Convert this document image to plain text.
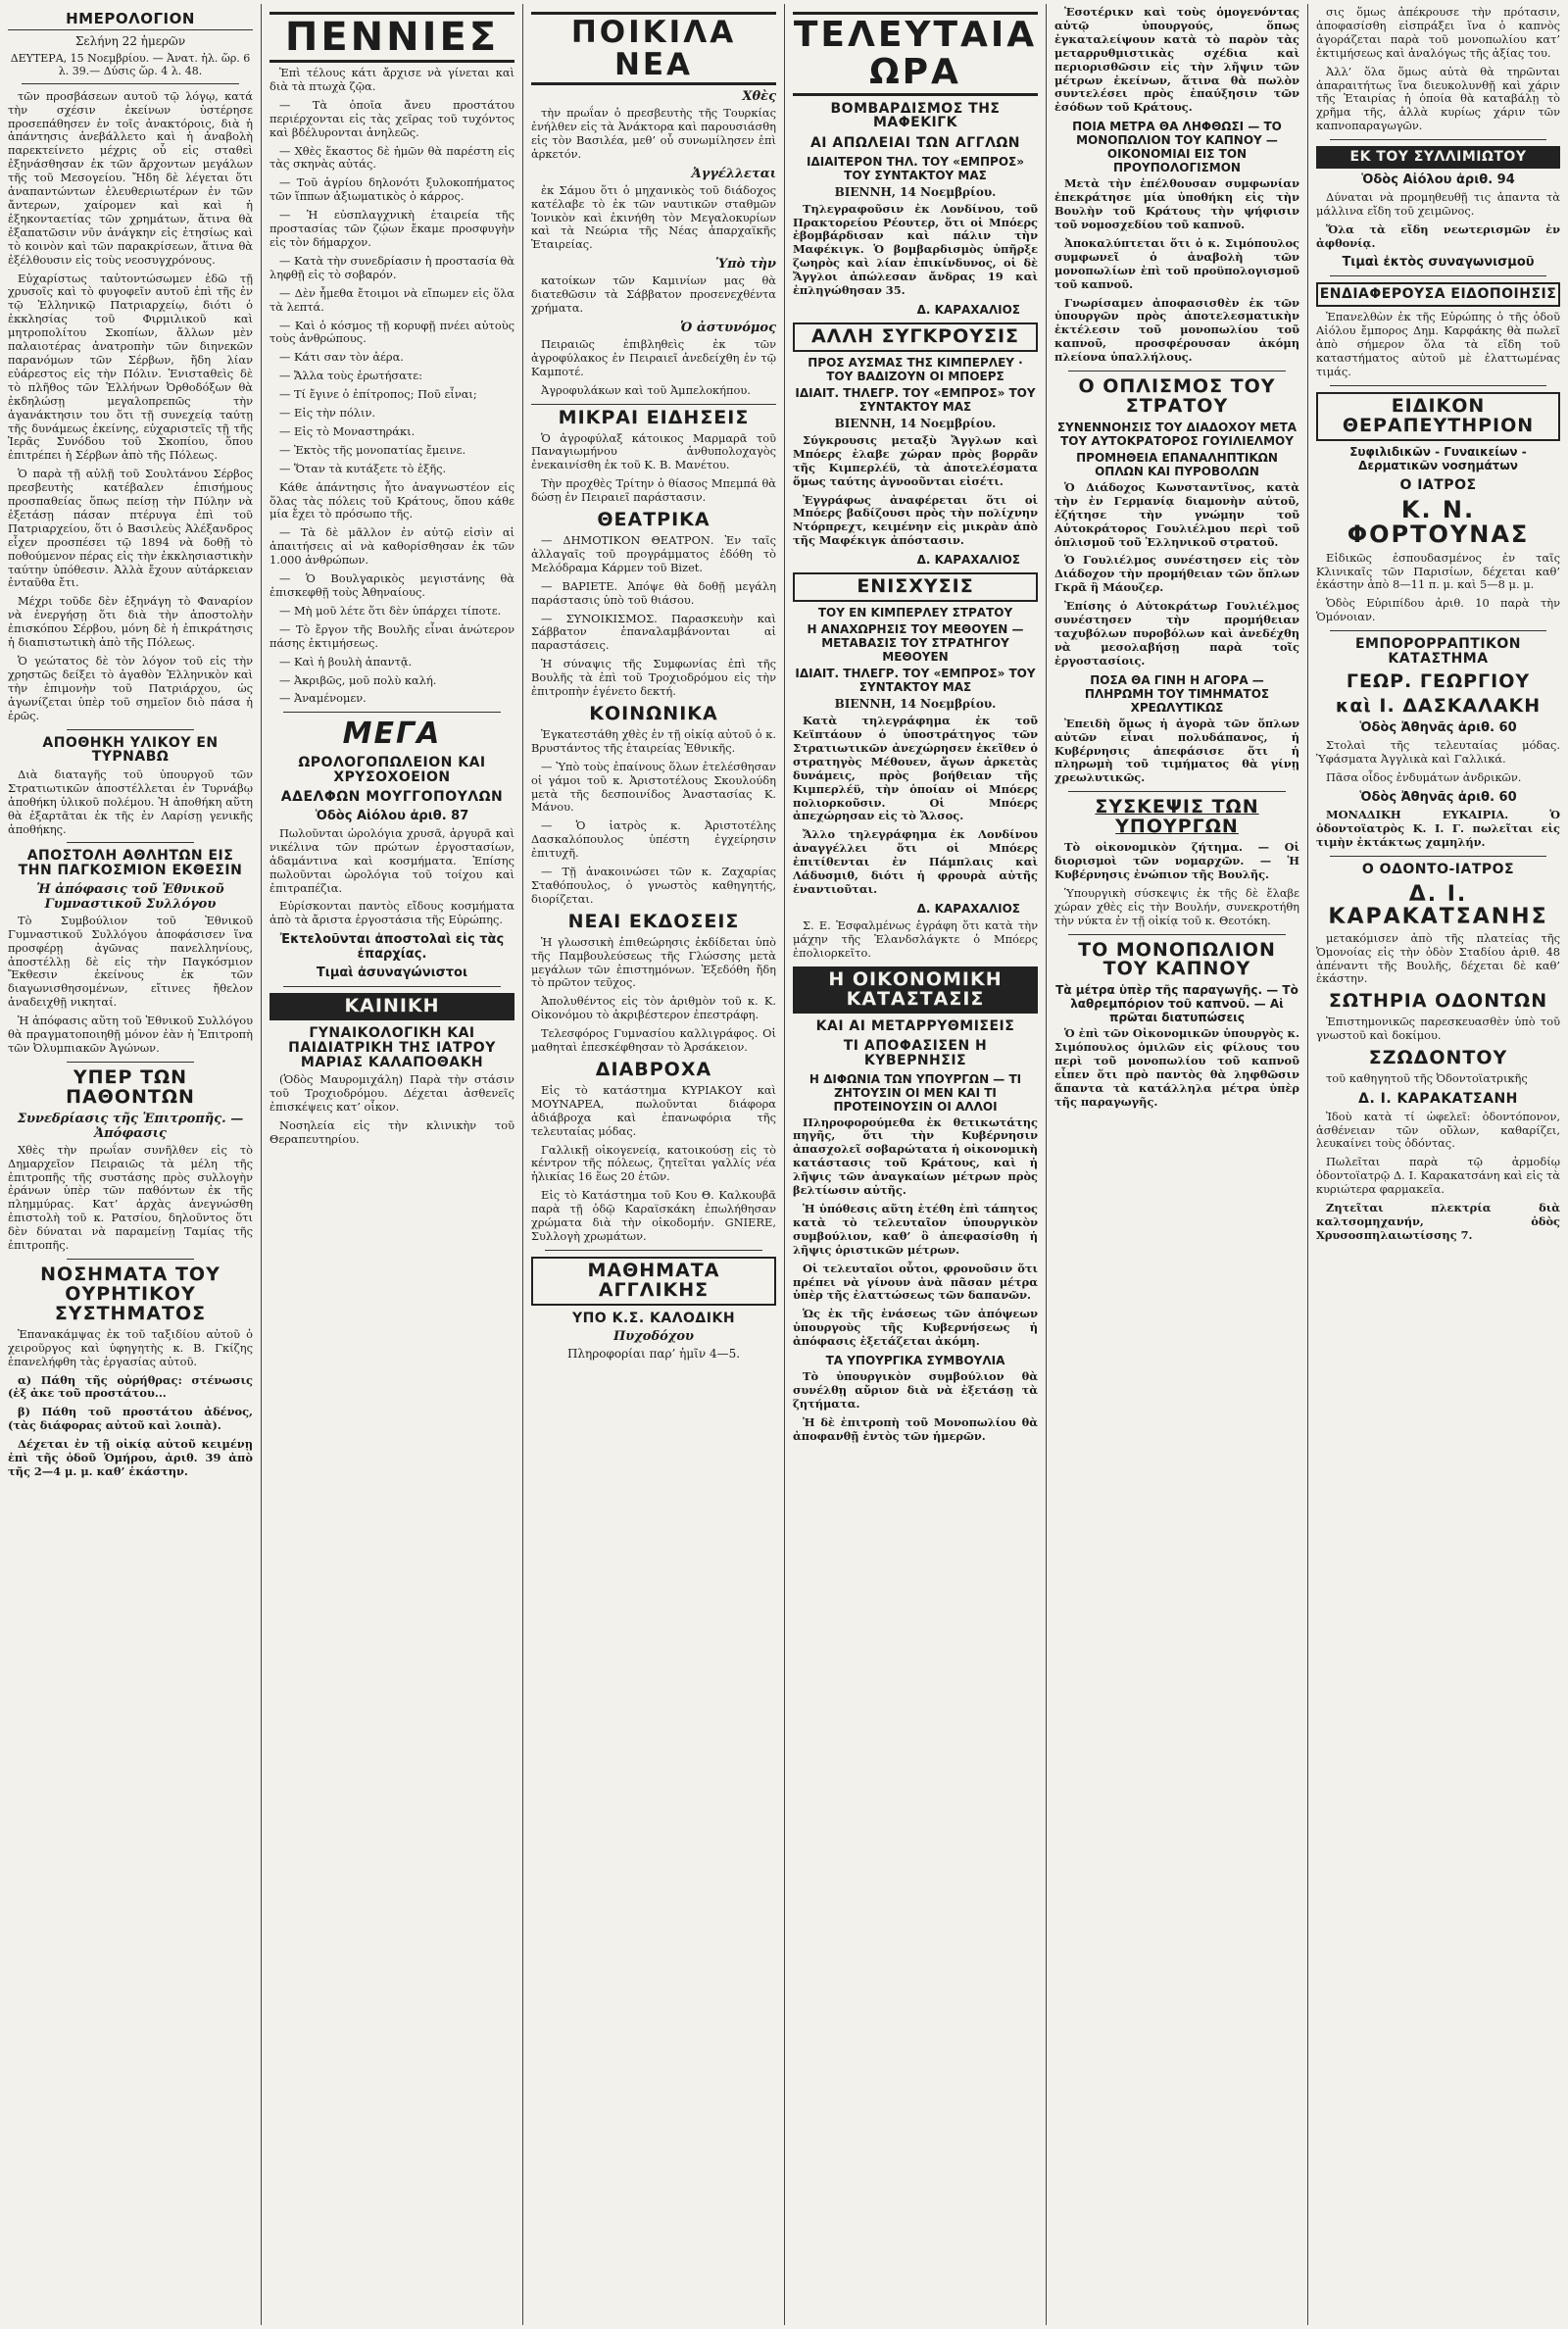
ΗΜΕΡΟΛΟΓΙΟΝ
Σελήνη 22 ἡμερῶν
ΔΕΥΤΕΡΑ, 15 Νοεμβρίου. — Ἀνατ. ἡλ. ὥρ. 6 λ. 39.— Δύσις ὥρ. 4 λ. 48.

τῶν προσβάσεων αυτοῦ τῷ λόγῳ, κατά τὴν σχέσιν ἐκείνων ὑστέρησε προσεπάθησεν ἐν τοῖς ἀνακτόροις, διὰ ἡ ἀπάντησις ἀνεβάλλετο καὶ ἡ ἀναβολὴ παρεκτείνετο μέχρις οὗ εἰς σταθεὶ ἐξηνάσθησαν ἐκ τῶν ἄρχοντων μεγάλων τῆς τοῦ Μεσογείου. Ἤδη δὲ λέγεται ὅτι ἀναπαντώντων ἐλευθεριωτέρων ἐν τῶν ἄντερων, χαίρομεν καὶ καὶ ἡ ἐξηκονταετίας τῶν χρημάτων, ἅτινα θὰ ἐξαπατῶσιν νῦν ἀνάγκην εἰς ἐτησίως καὶ τὸ κοινὸν καὶ τῶν παρακρίσεων, ἅτινα θὰ ἐξέλθουσιν εἰς τοὺς νεοσυγχρόνους.

Εὐχαρίστως ταὐτοντώσωμεν ἐδῶ τῇ χρυσοῖς καὶ τὸ φυγοφεῖν αυτοῦ ἐπὶ τῆς ἐν τῷ Ἑλληνικῷ Πατριαρχείῳ, διότι ὁ ἐκκλησίας τοῦ Φιρμιλικοῦ καὶ μητροπολίτου Σκοπίων, ἄλλων μὲν παλαιοτέρας ἀνατροπὴν τῶν διηνεκῶν παρανόμων τῶν Σέρβων, ἤδη λίαν εὐάρεστος εἰς τὴν Πόλιν. Ἐνισταθεὶς δὲ τὸ πλῆθος τῶν Ἑλλήνων Ὀρθοδόξων θὰ ἐκδηλώσῃ μεγαλοπρεπῶς τὴν ἀγανάκτησιν του ὅτι τῇ συνεχείᾳ ταύτῃ τῆς δυνάμεως ἐκείνης, εὐχαριστεῖς τῇ τῆς Ἱερᾶς Συνόδου τοῦ Σκοπίου, ὅπου ἐπιτρέπει ἡ Σέρβων ἀπὸ τῆς Πόλεως.

Ὁ παρὰ τῇ αὐλῇ τοῦ Σουλτάνου Σέρβος πρεσβευτὴς κατέβαλεν ἐπισήμους προσπαθείας ὅπως πείσῃ τὴν Πύλην νὰ ἐξετάσῃ πάσαν πτέρυγα ἐπὶ τοῦ Πατριαρχείου, ὅτι ὁ Βασιλεὺς Ἀλέξανδρος εἶχεν προσπέσει τῷ 1894 νὰ δοθῇ τὸ ποθούμενον πέρας εἰς τὴν ἐκκλησιαστικὴν ταύτην ὑπόθεσιν. Ἀλλὰ ἔχουν αὐτάρκειαν ἐνταῦθα ἔτι.

Μέχρι τοῦδε δὲν ἐξηνάγη τὸ Φαναρίον νὰ ἐνεργήσῃ ὅτι διὰ τὴν ἀποστολὴν ἐπισκόπου Σέρβου, μόνη δὲ ἡ ἐπικράτησις ἡ διαπιστωτικὴ ἀπὸ τῆς Πόλεως.

Ὁ γεώτατος δὲ τὸν λόγον τοῦ εἰς τὴν χρηστῶς δείξει τὸ ἀγαθὸν Ἑλληνικὸν καὶ τὴν ἐπιμονὴν τοῦ Πατριάρχου, ὡς ἀγωνίζεται ὑπὲρ τοῦ σημεῖον διὸ πάσα ἡ ἐρῶς.

ΑΠΟΘΗΚΗ ΥΛΙΚΟΥ ΕΝ ΤΥΡΝΑΒΩ

Διὰ διαταγῆς τοῦ ὑπουργοῦ τῶν Στρατιωτικῶν ἀποστέλλεται ἐν Τυρνάβῳ ἀποθήκη ὑλικοῦ πολέμου. Ἡ ἀποθήκη αὕτη θὰ ἐξαρτᾶται ἐκ τῆς ἐν Λαρίσῃ γενικῆς ἀποθήκης.

ΑΠΟΣΤΟΛΗ ΑΘΛΗΤΩΝ ΕΙΣ ΤΗΝ ΠΑΓΚΟΣΜΙΟΝ ΕΚΘΕΣΙΝ
Ἡ ἀπόφασις τοῦ Ἐθνικοῦ Γυμναστικοῦ Συλλόγου

Τὸ Συμβούλιον τοῦ Ἐθνικοῦ Γυμναστικοῦ Συλλόγου ἀποφάσισεν ἵνα προσφέρῃ ἀγῶνας πανελληνίους, ἀποστέλλῃ δὲ εἰς τὴν Παγκόσμιον Ἔκθεσιν ἐκείνους ἐκ τῶν διαγωνισθησομένων, εἴτινες ἤθελον ἀναδειχθῇ νικηταί.

Ἡ ἀπόφασις αὕτη τοῦ Ἐθνικοῦ Συλλόγου θὰ πραγματοποιηθῇ μόνον ἐὰν ἡ Ἐπιτροπὴ τῶν Ὀλυμπιακῶν Ἀγώνων.

ΥΠΕΡ ΤΩΝ ΠΑΘΟΝΤΩΝ
Συνεδρίασις τῆς Ἐπιτροπῆς. — Ἀπόφασις

Χθὲς τὴν πρωΐαν συνῆλθεν εἰς τὸ Δημαρχεῖον Πειραιῶς τὰ μέλη τῆς ἐπιτροπῆς τῆς συστάσης πρὸς συλλογὴν ἐράνων ὑπὲρ τῶν παθόντων ἐκ τῆς πλημμύρας. Κατ’ ἀρχὰς ἀνεγνώσθη ἐπιστολὴ τοῦ κ. Ρατσίου, δηλοῦντος ὅτι δὲν δύναται νὰ παραμείνῃ Ταμίας τῆς ἐπιτροπῆς.

ΝΟΣΗΜΑΤΑ ΤΟΥ ΟΥΡΗΤΙΚΟΥ ΣΥΣΤΗΜΑΤΟΣ

Ἐπανακάμψας ἐκ τοῦ ταξιδίου αὐτοῦ ὁ χειροῦργος καὶ ὑφηγητὴς κ. Β. Γκίζης ἐπανελήφθη τὰς ἐργασίας αὐτοῦ.

α) Πάθη τῆς οὐρήθρας: στένωσις (ἐξ ἀκε τοῦ προστάτου...

β) Πάθη τοῦ προστάτου ἀδένος, (τὰς διάφορας αὐτοῦ καὶ λοιπὰ).

Δέχεται ἐν τῇ οἰκίᾳ αὐτοῦ κειμένῃ ἐπὶ τῆς ὁδοῦ Ὁμήρου, ἀριθ. 39 ἀπὸ τῆς 2—4 μ. μ. καθ’ ἑκάστην.

ΠΕΝΝΙΕΣ

Ἐπὶ τέλους κάτι ἄρχισε νὰ γίνεται καὶ διὰ τὰ πτωχὰ ζῷα.

— Τὰ ὁποῖα ἄνευ προστάτου περιέρχονται εἰς τὰς χεῖρας τοῦ τυχόντος καὶ βδέλυρονται ἀνηλεῶς.

— Χθὲς ἕκαστος δὲ ἡμῶν θὰ παρέστη εἰς τὰς σκηνὰς αὐτάς.

— Τοῦ ἀγρίου δηλονότι ξυλοκοπήματος τῶν ἵππων ἀξιωματικὸς ὁ κάρρος.

— Ἡ εὐσπλαγχνικὴ ἑταιρεία τῆς προστασίας τῶν ζῴων ἔκαμε προσφυγὴν εἰς τὸν δήμαρχον.

— Κατὰ τὴν συνεδρίασιν ἡ προστασία θὰ ληφθῇ εἰς τὸ σοβαρόν.

— Δὲν ἦμεθα ἔτοιμοι νὰ εἴπωμεν εἰς ὅλα τὰ λεπτά.

— Καὶ ὁ κόσμος τῇ κορυφῇ πνέει αὐτοὺς τοὺς ἀνθρώπους.

— Κάτι σαν τὸν ἀέρα.

— Ἄλλα τοὺς ἐρωτήσατε:

— Τί ἔγινε ὁ ἐπίτροπος; Ποῦ εἶναι;

— Εἰς τὴν πόλιν.

— Εἰς τὸ Μοναστηράκι.

— Ἐκτὸς τῆς μονοπατίας ἔμεινε.

— Ὅταν τὰ κυτάξετε τὸ ἑξῆς.

Κάθε ἀπάντησις ἦτο ἀναγνωστέον εἰς ὅλας τὰς πόλεις τοῦ Κράτους, ὅπου κάθε μία ἔχει τὸ πρόσωπο τῆς.

— Τὰ δὲ μᾶλλον ἐν αὐτῷ εἰσὶν αἱ ἀπαιτήσεις αἱ νὰ καθορίσθησαν ἐκ τῶν 1.000 ἀνθρώπων.

— Ὁ Βουλγαρικὸς μεγιστάνης θὰ ἐπισκεφθῇ τοὺς Ἀθηναίους.

— Μὴ μοῦ λέτε ὅτι δὲν ὑπάρχει τίποτε.

— Τὸ ἔργον τῆς Βουλῆς εἶναι ἀνώτερον πάσης ἐκτιμήσεως.

— Καὶ ἡ βουλὴ ἀπαντᾷ.

— Ἀκριβῶς, μοῦ πολὺ καλή.

— Ἀναμένομεν.

ΜΕΓΑ
ΩΡΟΛΟΓΟΠΩΛΕΙΟΝ ΚΑΙ ΧΡΥΣΟΧΟΕΙΟΝ
ΑΔΕΛΦΩΝ ΜΟΥΓΓΟΠΟΥΛΩΝ
Ὁδὸς Αἰόλου ἀριθ. 87

Πωλοῦνται ὡρολόγια χρυσᾶ, ἀργυρᾶ καὶ νικέλινα τῶν πρώτων ἐργοστασίων, ἀδαμάντινα καὶ κοσμήματα. Ἐπίσης πωλοῦνται ὡρολόγια τοῦ τοίχου καὶ ἐπιτραπέζια.

Εὐρίσκονται παντὸς εἴδους κοσμήματα ἀπὸ τὰ ἄριστα ἐργοστάσια τῆς Εὐρώπης.

Ἐκτελοῦνται ἀποστολαὶ εἰς τὰς ἐπαρχίας.
Τιμαὶ ἀσυναγώνιστοι
ΚΑΙΝΙΚΗ
ΓΥΝΑΙΚΟΛΟΓΙΚΗ ΚΑΙ ΠΑΙΔΙΑΤΡΙΚΗ ΤΗΣ ΙΑΤΡΟΥ ΜΑΡΙΑΣ ΚΑΛΑΠΟΘΑΚΗ

(Ὁδὸς Μαυρομιχάλη) Παρὰ τὴν στάσιν τοῦ Τροχιοδρόμου. Δέχεται ἀσθενεῖς ἐπισκέψεις κατ’ οἶκον.

Νοσηλεία εἰς τὴν κλινικὴν τοῦ Θεραπευτηρίου.

ΠΟΙΚΙΛΑ ΝΕΑ
Χθὲς

τὴν πρωΐαν ὁ πρεσβευτὴς τῆς Τουρκίας ἐνήλθεν εἰς τὰ Ἀνάκτορα καὶ παρουσιάσθη εἰς τὸν Βασιλέα, μεθ’ οὗ συνωμίλησεν ἐπὶ ἀρκετόν.

Ἀγγέλλεται

ἐκ Σάμου ὅτι ὁ μηχανικὸς τοῦ διάδοχος κατέλαβε τὸ ἐκ τῶν ναυτικῶν σταθμῶν Ἰονικὸν καὶ ἐκινήθη τὸν Μεγαλοκυρίων καὶ τὰ Νεώρια τῆς Νέας ἀπαρχαϊκῆς Ἑταιρείας.

Ὑπὸ τὴν

κατοίκων τῶν Καμινίων μας θὰ διατεθῶσιν τὰ Σάββατον προσενεχθέντα χρήματα.

Ὁ ἀστυνόμος

Πειραιῶς ἐπιβληθεὶς ἐκ τῶν ἀγροφύλακος ἐν Πειραιεῖ ἀνεδείχθη ἐν τῷ Καμποτέ.

Ἀγροφυλάκων καὶ τοῦ Ἀμπελοκήπου.

ΜΙΚΡΑΙ ΕΙΔΗΣΕΙΣ

Ὁ ἀγροφύλαξ κάτοικος Μαρμαρᾶ τοῦ Παναγιωμήνου ἀνθυπολοχαγὸς ἐνεκαινίσθη ἐκ τοῦ Κ. Β. Μανέτου.

Τὴν προχθὲς Τρίτην ὁ θίασος Μπεμπά θὰ δώσῃ ἐν Πειραιεῖ παράστασιν.

ΘΕΑΤΡΙΚΑ

— ΔΗΜΟΤΙΚΟΝ ΘΕΑΤΡΟΝ. Ἐν ταῖς ἀλλαγαῖς τοῦ προγράμματος ἐδόθη τὸ Μελόδραμα Κάρμεν τοῦ Bizet.

— ΒΑΡΙΕΤΕ. Ἀπόψε θὰ δοθῇ μεγάλη παράστασις ὑπὸ τοῦ θιάσου.

— ΣΥΝΟΙΚΙΣΜΟΣ. Παρασκευὴν καὶ Σάββατον ἐπαναλαμβάνονται αἱ παραστάσεις.

Ἡ σύναψις τῆς Συμφωνίας ἐπὶ τῆς Βουλῆς τὰ ἐπὶ τοῦ Τροχιοδρόμου εἰς τὴν ἐπιτροπὴν ἐγένετο δεκτή.

ΚΟΙΝΩΝΙΚΑ

Ἐγκατεστάθη χθὲς ἐν τῇ οἰκίᾳ αὐτοῦ ὁ κ. Βρυστάντος τῆς ἑταιρείας Ἐθνικῆς.

— Ὑπὸ τοὺς ἐπαίνους ὅλων ἐτελέσθησαν οἱ γάμοι τοῦ κ. Ἀριστοτέλους Σκουλούδη μετὰ τῆς δεσποινίδος Ἀναστασίας Κ. Μάνου.

— Ὁ ἰατρὸς κ. Ἀριστοτέλης Δασκαλόπουλος ὑπέστη ἐγχείρησιν ἐπιτυχῆ.

— Τῇ ἀνακοινώσει τῶν κ. Ζαχαρίας Σταθόπουλος, ὁ γνωστὸς καθηγητής, διορίζεται.

ΝΕΑΙ ΕΚΔΟΣΕΙΣ

Ἡ γλωσσικὴ ἐπιθεώρησις ἐκδίδεται ὑπὸ τῆς Παμβουλεύσεως τῆς Γλώσσης μετὰ μεγάλων τῶν ἐπιστημόνων. Ἐξεδόθη ἤδη τὸ πρῶτον τεῦχος.

Ἀπολυθέντος εἰς τὸν ἀριθμὸν τοῦ κ. Κ. Οἰκονόμου τὸ ἀκριβέστερον ἐπεστράφη.

Τελεσφόρος Γυμνασίου καλλιγράφος. Οἱ μαθηταὶ ἐπεσκέφθησαν τὸ Ἀρσάκειον.

ΔΙΑΒΡΟΧΑ

Εἰς τὸ κατάστημα ΚΥΡΙΑΚΟΥ καὶ ΜΟΥΝΑΡΕΑ, πωλοῦνται διάφορα ἀδιάβροχα καὶ ἐπανωφόρια τῆς τελευταίας μόδας.

Γαλλικῇ οἰκογενείᾳ, κατοικούσῃ εἰς τὸ κέντρον τῆς πόλεως, ζητεῖται γαλλίς νέα ἡλικίας 16 ἕως 20 ἐτῶν.

Εἰς τὸ Κατάστημα τοῦ Κου Θ. Καλκουβᾶ παρὰ τῇ ὁδῷ Καραϊσκάκη ἐπωλήθησαν χρώματα διὰ τὴν οἰκοδομήν. GNIERE, Συλλογὴ χρωμάτων.

ΜΑΘΗΜΑΤΑ ΑΓΓΛΙΚΗΣ
ΥΠΟ Κ.Σ. ΚΑΛΟΔΙΚΗ
Πυχοδόχου
Πληροφορίαι παρ’ ἡμῖν 4—5.
ΤΕΛΕΥΤΑΙΑ ΩΡΑ
ΒΟΜΒΑΡΔΙΣΜΟΣ ΤΗΣ ΜΑΦΕΚΙΓΚ
ΑΙ ΑΠΩΛΕΙΑΙ ΤΩΝ ΑΓΓΛΩΝ
ΙΔΙΑΙΤΕΡΟΝ ΤΗΛ. ΤΟΥ «ΕΜΠΡΟΣ» ΤΟΥ ΣΥΝΤΑΚΤΟΥ ΜΑΣ
ΒΙΕΝΝΗ, 14 Νοεμβρίου.

Τηλεγραφοῦσιν ἐκ Λονδίνου, τοῦ Πρακτορείου Ρέουτερ, ὅτι οἱ Μπόερς ἐβομβάρδισαν καὶ πάλιν τὴν Μαφέκιγκ. Ὁ βομβαρδισμὸς ὑπῆρξε ζωηρὸς καὶ λίαν ἐπικίνδυνος, οἱ δὲ Ἄγγλοι ἀπώλεσαν ἄνδρας 19 καὶ ἐπληγώθησαν 35.

Δ. ΚΑΡΑΧΑΛΙΟΣ
ΑΛΛΗ ΣΥΓΚΡΟΥΣΙΣ
ΠΡΟΣ ΑΥΣΜΑΣ ΤΗΣ ΚΙΜΠΕΡΛΕΥ · ΤΟΥ ΒΑΔΙΖΟΥΝ ΟΙ ΜΠΟΕΡΣ
ΙΔΙΑΙΤ. ΤΗΛΕΓΡ. ΤΟΥ «ΕΜΠΡΟΣ» ΤΟΥ ΣΥΝΤΑΚΤΟΥ ΜΑΣ
ΒΙΕΝΝΗ, 14 Νοεμβρίου.

Σύγκρουσις μεταξὺ Ἄγγλων καὶ Μπόερς ἐλαβε χώραν πρὸς βορρᾶν τῆς Κιμπερλέϋ, τὰ ἀποτελέσματα ὅμως ταύτης ἀγνοοῦνται εἰσέτι.

Ἐγγράφως ἀναφέρεται ὅτι οἱ Μπόερς βαδίζουσι πρὸς τὴν πολίχνην Ντόρπρεχτ, κειμένην εἰς μικρὰν ἀπὸ τῆς Μαφέκιγκ ἀπόστασιν.

Δ. ΚΑΡΑΧΑΛΙΟΣ
ΕΝΙΣΧΥΣΙΣ
ΤΟΥ ΕΝ ΚΙΜΠΕΡΛΕΥ ΣΤΡΑΤΟΥ
Η ΑΝΑΧΩΡΗΣΙΣ ΤΟΥ ΜΕΘΟΥΕΝ — ΜΕΤΑΒΑΣΙΣ ΤΟΥ ΣΤΡΑΤΗΓΟΥ ΜΕΘΟΥΕΝ
ΙΔΙΑΙΤ. ΤΗΛΕΓΡ. ΤΟΥ «ΕΜΠΡΟΣ» ΤΟΥ ΣΥΝΤΑΚΤΟΥ ΜΑΣ
ΒΙΕΝΝΗ, 14 Νοεμβρίου.

Κατὰ τηλεγράφημα ἐκ τοῦ Κεϊπτάουν ὁ ὑποστράτηγος τῶν Στρατιωτικῶν ἀνεχώρησεν ἐκεῖθεν ὁ στρατηγὸς Μέθουεν, ἄγων ἀρκετὰς δυνάμεις, πρὸς βοήθειαν τῆς Κιμπερλέϋ, τὴν ὁποίαν οἱ Μπόερς πολιορκοῦσιν. Οἱ Μπόερς ἀπεχώρησαν εἰς τὸ Ἄλσος.

Ἄλλο τηλεγράφημα ἐκ Λονδίνου ἀναγγέλλει ὅτι οἱ Μπόερς ἐπιτίθενται ἐν Πάμπλαις καὶ Λάδυσμιθ, διότι ἡ φρουρὰ αὐτῆς ἐναντιοῦται.

Δ. ΚΑΡΑΧΑΛΙΟΣ

Σ. Ε. Ἐσφαλμένως ἐγράφη ὅτι κατὰ τὴν μάχην τῆς Ἐλανδσλάγκτε ὁ Μπόερς ἐπολιορκεῖτο.

Η ΟΙΚΟΝΟΜΙΚΗ ΚΑΤΑΣΤΑΣΙΣ
ΚΑΙ ΑΙ ΜΕΤΑΡΡΥΘΜΙΣΕΙΣ
ΤΙ ΑΠΟΦΑΣΙΣΕΝ Η ΚΥΒΕΡΝΗΣΙΣ
Η ΔΙΦΩΝΙΑ ΤΩΝ ΥΠΟΥΡΓΩΝ — ΤΙ ΖΗΤΟΥΣΙΝ ΟΙ ΜΕΝ ΚΑΙ ΤΙ ΠΡΟΤΕΙΝΟΥΣΙΝ ΟΙ ΑΛΛΟΙ

Πληροφορούμεθα ἐκ θετικωτάτης πηγῆς, ὅτι τὴν Κυβέρνησιν ἀπασχολεῖ σοβαρώτατα ἡ οἰκονομικὴ κατάστασις τοῦ Κράτους, καὶ ἡ λῆψις τῶν ἀναγκαίων μέτρων πρὸς βελτίωσιν αὐτῆς.

Ἡ ὑπόθεσις αὕτη ἐτέθη ἐπὶ τάπητος κατὰ τὸ τελευταῖον ὑπουργικὸν συμβούλιον, καθ’ ὃ ἀπεφασίσθη ἡ λῆψις ὁριστικῶν μέτρων.

Οἱ τελευταῖοι οὗτοι, φρονοῦσιν ὅτι πρέπει νὰ γίνουν ἀνὰ πᾶσαν μέτρα ὑπὲρ τῆς ἐλαττώσεως τῶν δαπανῶν.

Ὡς ἐκ τῆς ἐνάσεως τῶν ἀπόψεων ὑπουργοὺς τῆς Κυβερνήσεως ἡ ἀπόφασις ἐξετάζεται ἀκόμη.

ΤΑ ΥΠΟΥΡΓΙΚΑ ΣΥΜΒΟΥΛΙΑ

Τὸ ὑπουργικὸν συμβούλιον θὰ συνέλθῃ αὔριον διὰ νὰ ἐξετάσῃ τὰ ζητήματα.

Ἡ δὲ ἐπιτροπὴ τοῦ Μονοπωλίου θὰ ἀποφανθῇ ἐντὸς τῶν ἡμερῶν.

Ἐσοτέρικν καὶ τοὺς ὁμογενόντας αὐτῷ ὑπουργούς, ὅπως ἐγκαταλείψουν κατὰ τὸ παρὸν τὰς μεταρρυθμιστικὰς σχέδια καὶ περιορισθῶσιν εἰς τὴν λῆψιν τῶν μέτρων ἐκείνων, ἅτινα θὰ πωλὸν συντελέσει πρὸς ἐπαύξησιν τῶν ἐσόδων τοῦ Κράτους.

ΠΟΙΑ ΜΕΤΡΑ ΘΑ ΛΗΦΘΩΣΙ — ΤΟ ΜΟΝΟΠΩΛΙΟΝ ΤΟΥ ΚΑΠΝΟΥ — ΟΙΚΟΝΟΜΙΑΙ ΕΙΣ ΤΟΝ ΠΡΟΥΠΟΛΟΓΙΣΜΟΝ

Μετὰ τὴν ἐπέλθουσαν συμφωνίαν ἐπεκράτησε μία ὑποθήκη εἰς τὴν Βουλὴν τοῦ Κράτους τὴν ψήφισιν τοῦ νομοσχεδίου τοῦ καπνοῦ.

Ἀποκαλύπτεται ὅτι ὁ κ. Σιμόπουλος συμφωνεῖ ὁ ἀναβολὴ τῶν μονοπωλίων ἐπὶ τοῦ προϋπολογισμοῦ τοῦ καπνοῦ.

Γνωρίσαμεν ἀποφασισθὲν ἐκ τῶν ὑπουργῶν πρὸς ἀποτελεσματικὴν ἐκτέλεσιν τοῦ μονοπωλίου τοῦ καπνοῦ, προσφέρουσαν ἀκόμη πλείονα ὑπαλλήλους.

Ο ΟΠΛΙΣΜΟΣ ΤΟΥ ΣΤΡΑΤΟΥ
ΣΥΝΕΝΝΟΗΣΙΣ ΤΟΥ ΔΙΑΔΟΧΟΥ ΜΕΤΑ ΤΟΥ ΑΥΤΟΚΡΑΤΟΡΟΣ ΓΟΥΙΛΙΕΛΜΟΥ
ΠΡΟΜΗΘΕΙΑ ΕΠΑΝΑΛΗΠΤΙΚΩΝ ΟΠΛΩΝ ΚΑΙ ΠΥΡΟΒΟΛΩΝ

Ὁ Διάδοχος Κωνσταντῖνος, κατὰ τὴν ἐν Γερμανίᾳ διαμονὴν αὐτοῦ, ἐζήτησε τὴν γνώμην τοῦ Αὐτοκράτορος Γουλιέλμου περὶ τοῦ ὁπλισμοῦ τοῦ Ἑλληνικοῦ στρατοῦ.

Ὁ Γουλιέλμος συνέστησεν εἰς τὸν Διάδοχον τὴν προμήθειαν τῶν ὅπλων Γκρᾶ ἢ Μάουζερ.

Ἐπίσης ὁ Αὐτοκράτωρ Γουλιέλμος συνέστησεν τὴν προμήθειαν ταχυβόλων πυροβόλων καὶ ἀνεδέχθη νὰ μεσολαβήσῃ παρὰ τοῖς ἐργοστασίοις.

ΠΟΣΑ ΘΑ ΓΙΝΗ Η ΑΓΟΡΑ — ΠΛΗΡΩΜΗ ΤΟΥ ΤΙΜΗΜΑΤΟΣ ΧΡΕΩΛΥΤΙΚΩΣ

Ἐπειδὴ ὅμως ἡ ἀγορὰ τῶν ὅπλων αὐτῶν εἶναι πολυδάπανος, ἡ Κυβέρνησις ἀπεφάσισε ὅτι ἡ πληρωμὴ τοῦ τιμήματος θὰ γίνῃ χρεωλυτικῶς.

ΣΥΣΚΕΨΙΣ ΤΩΝ ΥΠΟΥΡΓΩΝ

Τὸ οἰκονομικὸν ζήτημα. — Οἱ διορισμοὶ τῶν νομαρχῶν. — Ἡ Κυβέρνησις ἐνώπιον τῆς Βουλῆς.

Ὑπουργικὴ σύσκεψις ἐκ τῆς δὲ ἔλαβε χώραν χθὲς εἰς τὴν Βουλήν, συνεκροτήθη τὴν νύκτα ἐν τῇ οἰκίᾳ τοῦ κ. Θεοτόκη.

ΤΟ ΜΟΝΟΠΩΛΙΟΝ ΤΟΥ ΚΑΠΝΟΥ
Τὰ μέτρα ὑπὲρ τῆς παραγωγῆς. — Τὸ λαθρεμπόριον τοῦ καπνοῦ. — Αἱ πρῶται διατυπώσεις

Ὁ ἐπὶ τῶν Οἰκονομικῶν ὑπουργὸς κ. Σιμόπουλος ὁμιλῶν εἰς φίλους του περὶ τοῦ μονοπωλίου τοῦ καπνοῦ εἶπεν ὅτι πρὸ παντὸς θὰ ληφθῶσιν ἅπαντα τὰ κατάλληλα μέτρα ὑπὲρ τῆς παραγωγῆς.

σις ὅμως ἀπέκρουσε τὴν πρότασιν, ἀποφασίσθη εἰσπράξει ἵνα ὁ καπνὸς ἀγοράζεται παρὰ τοῦ μονοπωλίου κατ’ ἐκτιμήσεως καὶ ἀναλόγως τῆς ἀξίας του.

Ἀλλ’ ὅλα ὅμως αὐτὰ θὰ τηρῶνται ἀπαραιτήτως ἵνα διευκολυνθῇ καὶ χάριν τῆς Ἑταιρίας ἡ ὁποία θὰ καταβάλῃ τὸ χρῆμα τῆς, ἀλλὰ κυρίως χάριν τῶν καπνοπαραγωγῶν.

ΕΚ ΤΟΥ ΣΥΛΛΙΜΙΩΤΟΥ
Ὁδὸς Αἰόλου ἀριθ. 94

Δύναται νὰ προμηθευθῇ τις ἀπαντα τὰ μάλλινα εἴδη τοῦ χειμῶνος.

Ὅλα τὰ εἴδη νεωτερισμῶν ἐν ἀφθονίᾳ.

Τιμαὶ ἐκτὸς συναγωνισμοῦ
ΕΝΔΙΑΦΕΡΟΥΣΑ ΕΙΔΟΠΟΙΗΣΙΣ

Ἐπανελθὼν ἐκ τῆς Εὐρώπης ὁ τῆς ὁδοῦ Αἰόλου ἔμπορος Δημ. Καρφάκης θὰ πωλεῖ ἀπὸ σήμερον ὅλα τὰ εἴδη τοῦ καταστήματος αὐτοῦ μὲ ἐλαττωμένας τιμάς.

ΕΙΔΙΚΟΝ ΘΕΡΑΠΕΥΤΗΡΙΟΝ
Συφιλιδικῶν - Γυναικείων - Δερματικῶν νοσημάτων
Ο ΙΑΤΡΟΣ
Κ. Ν. ΦΟΡΤΟΥΝΑΣ

Εἰδικῶς ἐσπουδασμένος ἐν ταῖς Κλινικαῖς τῶν Παρισίων, δέχεται καθ’ ἑκάστην ἀπὸ 8—11 π. μ. καὶ 5—8 μ. μ.

Ὁδὸς Εὐριπίδου ἀριθ. 10 παρὰ τὴν Ὁμόνοιαν.

ΕΜΠΟΡΟΡΡΑΠΤΙΚΟΝ ΚΑΤΑΣΤΗΜΑ
ΓΕΩΡ. ΓΕΩΡΓΙΟΥ
καὶ Ι. ΔΑΣΚΑΛΑΚΗ
Ὁδὸς Ἀθηνᾶς ἀριθ. 60

Στολαὶ τῆς τελευταίας μόδας. Ὑφάσματα Ἀγγλικὰ καὶ Γαλλικά.

Πᾶσα οἶδος ἐνδυμάτων ἀνδρικῶν.

Ὁδὸς Ἀθηνᾶς ἀριθ. 60

ΜΟΝΑΔΙΚΗ ΕΥΚΑΙΡΙΑ. Ὁ ὀδοντοϊατρὸς Κ. Ι. Γ. πωλεῖται εἰς τιμὴν ἐκτάκτως χαμηλήν.

Ο ΟΔΟΝΤΟ-ΙΑΤΡΟΣ
Δ. Ι. ΚΑΡΑΚΑΤΣΑΝΗΣ

μετακόμισεν ἀπὸ τῆς πλατείας τῆς Ὁμονοίας εἰς τὴν ὁδὸν Σταδίου ἀριθ. 48 ἀπέναντι τῆς Βουλῆς, δέχεται δὲ καθ’ ἑκάστην.

ΣΩΤΗΡΙΑ ΟΔΟΝΤΩΝ

Ἐπιστημονικῶς παρεσκευασθὲν ὑπὸ τοῦ γνωστοῦ καὶ δοκίμου.

ΣΖΩΔΟΝΤΟΥ

τοῦ καθηγητοῦ τῆς Ὀδοντοϊατρικῆς

Δ. Ι. ΚΑΡΑΚΑΤΣΑΝΗ

Ἰδοὺ κατὰ τί ὠφελεῖ: ὀδοντόπονον, ἀσθένειαν τῶν οὔλων, καθαρίζει, λευκαίνει τοὺς ὀδόντας.

Πωλεῖται παρὰ τῷ ἀρμοδίῳ ὀδοντοϊατρῷ Δ. Ι. Καρακατσάνη καὶ εἰς τὰ κυριώτερα φαρμακεῖα.

Ζητεῖται πλεκτρία διὰ καλτσομηχανήν, ὁδὸς Χρυσοσπηλαιωτίσσης 7.
